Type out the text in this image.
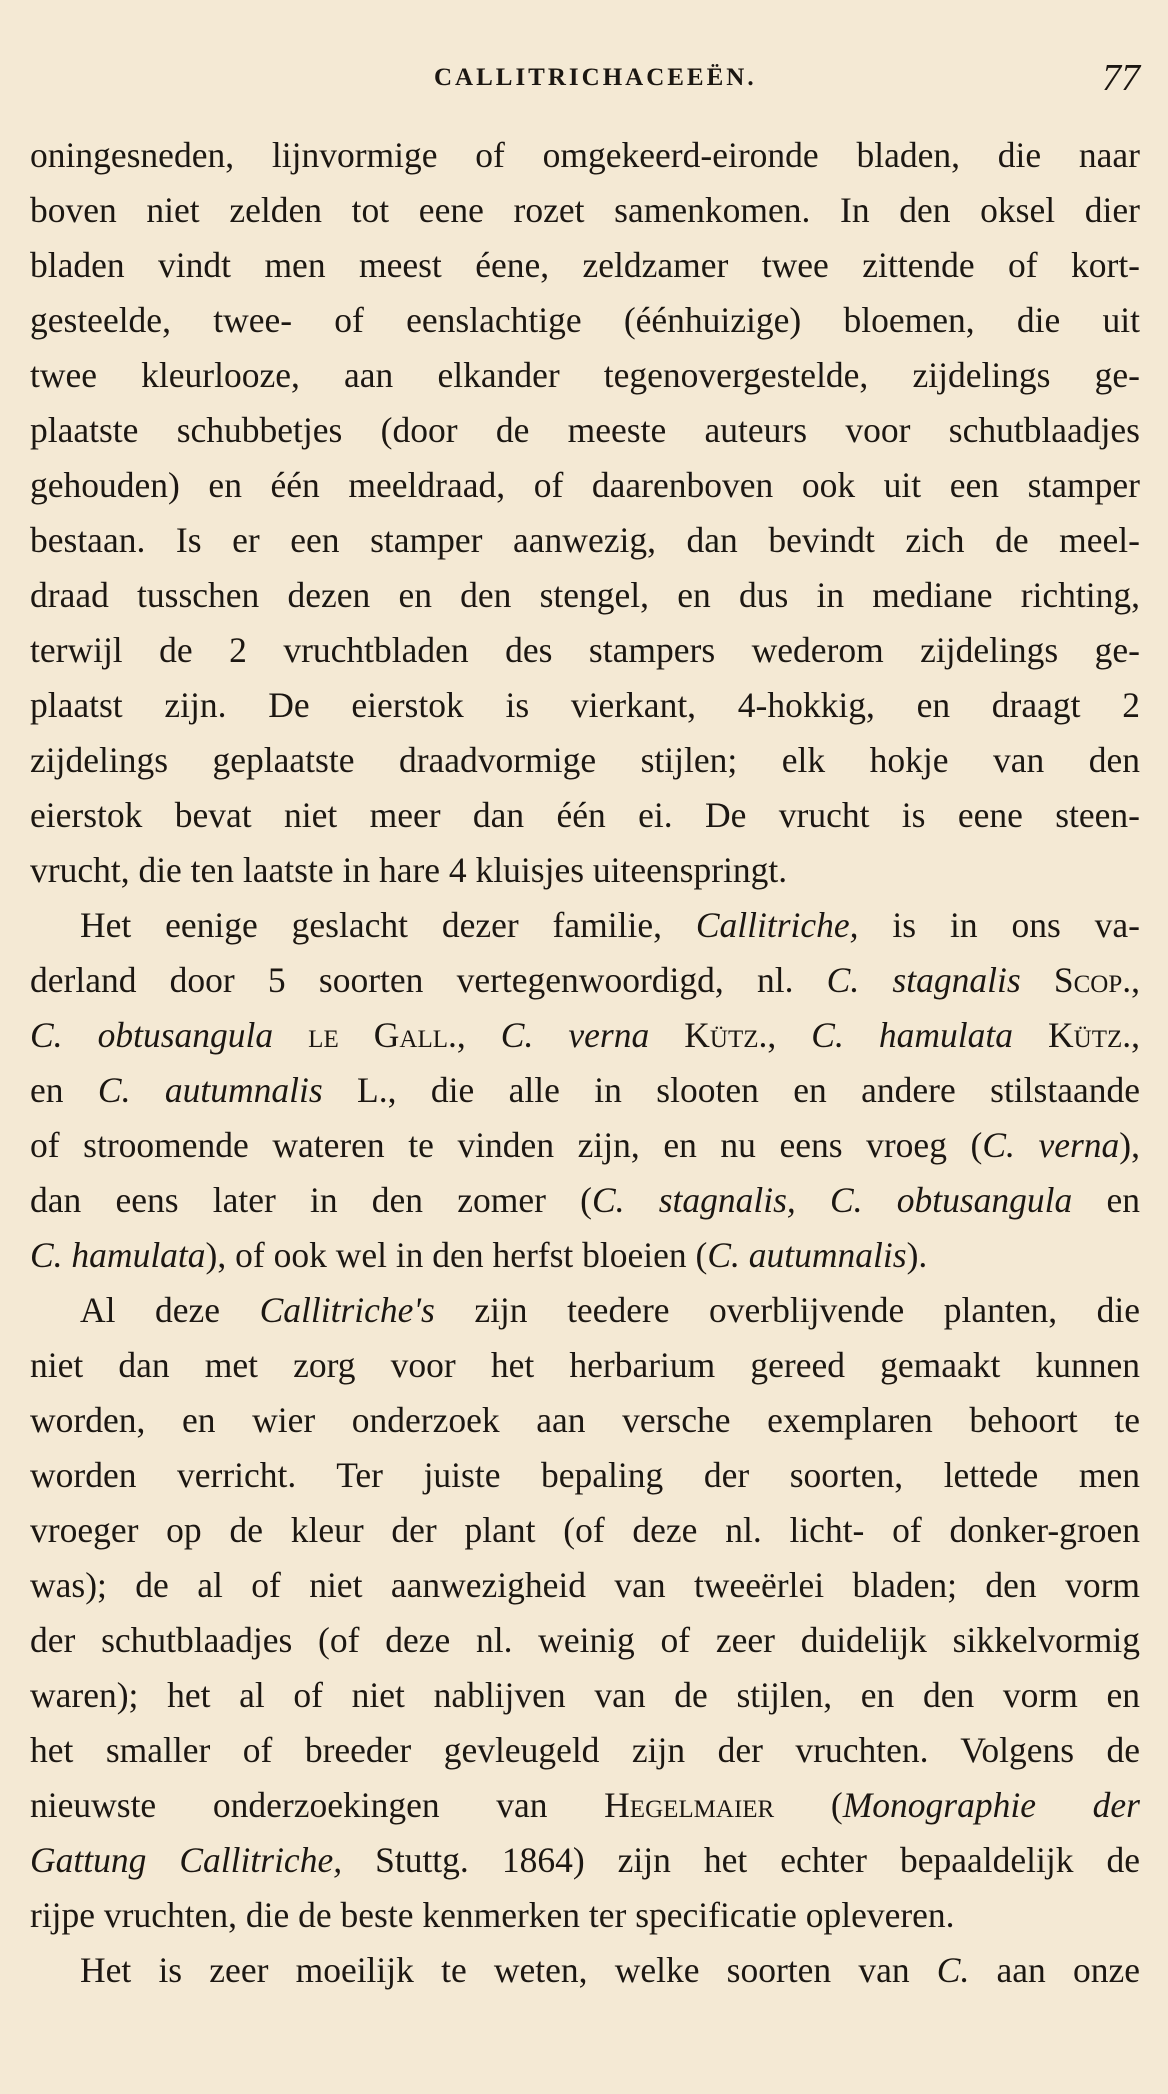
CALLITRICHACEEËN.	77
oningesneden, lijnvormige of omgekeerd-eironde bladen, die naar
boven niet zelden tot eene rozet samenkomen. In den oksel dier
bladen vindt men meest éene, zeldzamer twee zittende of kort-
gesteelde, twee- of eenslachtige (éénhuizige) bloemen, die uit
twee kleurlooze, aan elkander tegenovergestelde, zijdelings ge-
plaatste schubbetjes (door de meeste auteurs voor schutblaadjes
gehouden) en één meeldraad, of daarenboven ook uit een stamper
bestaan. Is er een stamper aanwezig, dan bevindt zich de meel-
draad tusschen dezen en den stengel, en dus in mediane richting,
terwijl de 2 vruchtbladen des stampers wederom zijdelings ge-
plaatst zijn. De eierstok is vierkant, 4-hokkig, en draagt 2
zijdelings geplaatste draadvormige stijlen; elk hokje van den
eierstok bevat niet meer dan één ei. De vrucht is eene steen-
vrucht, die ten laatste in hare 4 kluisjes uiteenspringt.
Het eenige geslacht dezer familie, Callitriche, is in ons va-
derland door 5 soorten vertegenwoordigd, nl. C. stagnalis Scop.,
C. obtusangula le Gall., C. verna Kütz., C. hamulata Kütz.,
en C. autumnalis L., die alle in slooten en andere stilstaande
of stroomende wateren te vinden zijn, en nu eens vroeg (C. verna),
dan eens later in den zomer (C. stagnalis, C. obtusangula en
C. hamulata), of ook wel in den herfst bloeien (C. autumnalis).
Al deze Callitriche's zijn teedere overblijvende planten, die
niet dan met zorg voor het herbarium gereed gemaakt kunnen
worden, en wier onderzoek aan versche exemplaren behoort te
worden verricht. Ter juiste bepaling der soorten, lettede men
vroeger op de kleur der plant (of deze nl. licht- of donker-groen
was); de al of niet aanwezigheid van tweeërlei bladen; den vorm
der schutblaadjes (of deze nl. weinig of zeer duidelijk sikkelvormig
waren); het al of niet nablijven van de stijlen, en den vorm en
het smaller of breeder gevleugeld zijn der vruchten. Volgens de
nieuwste onderzoekingen van Hegelmaier (Monographie der
Gattung Callitriche, Stuttg. 1864) zijn het echter bepaaldelijk de
rijpe vruchten, die de beste kenmerken ter specificatie opleveren.
Het is zeer moeilijk te weten, welke soorten van C. aan onze
